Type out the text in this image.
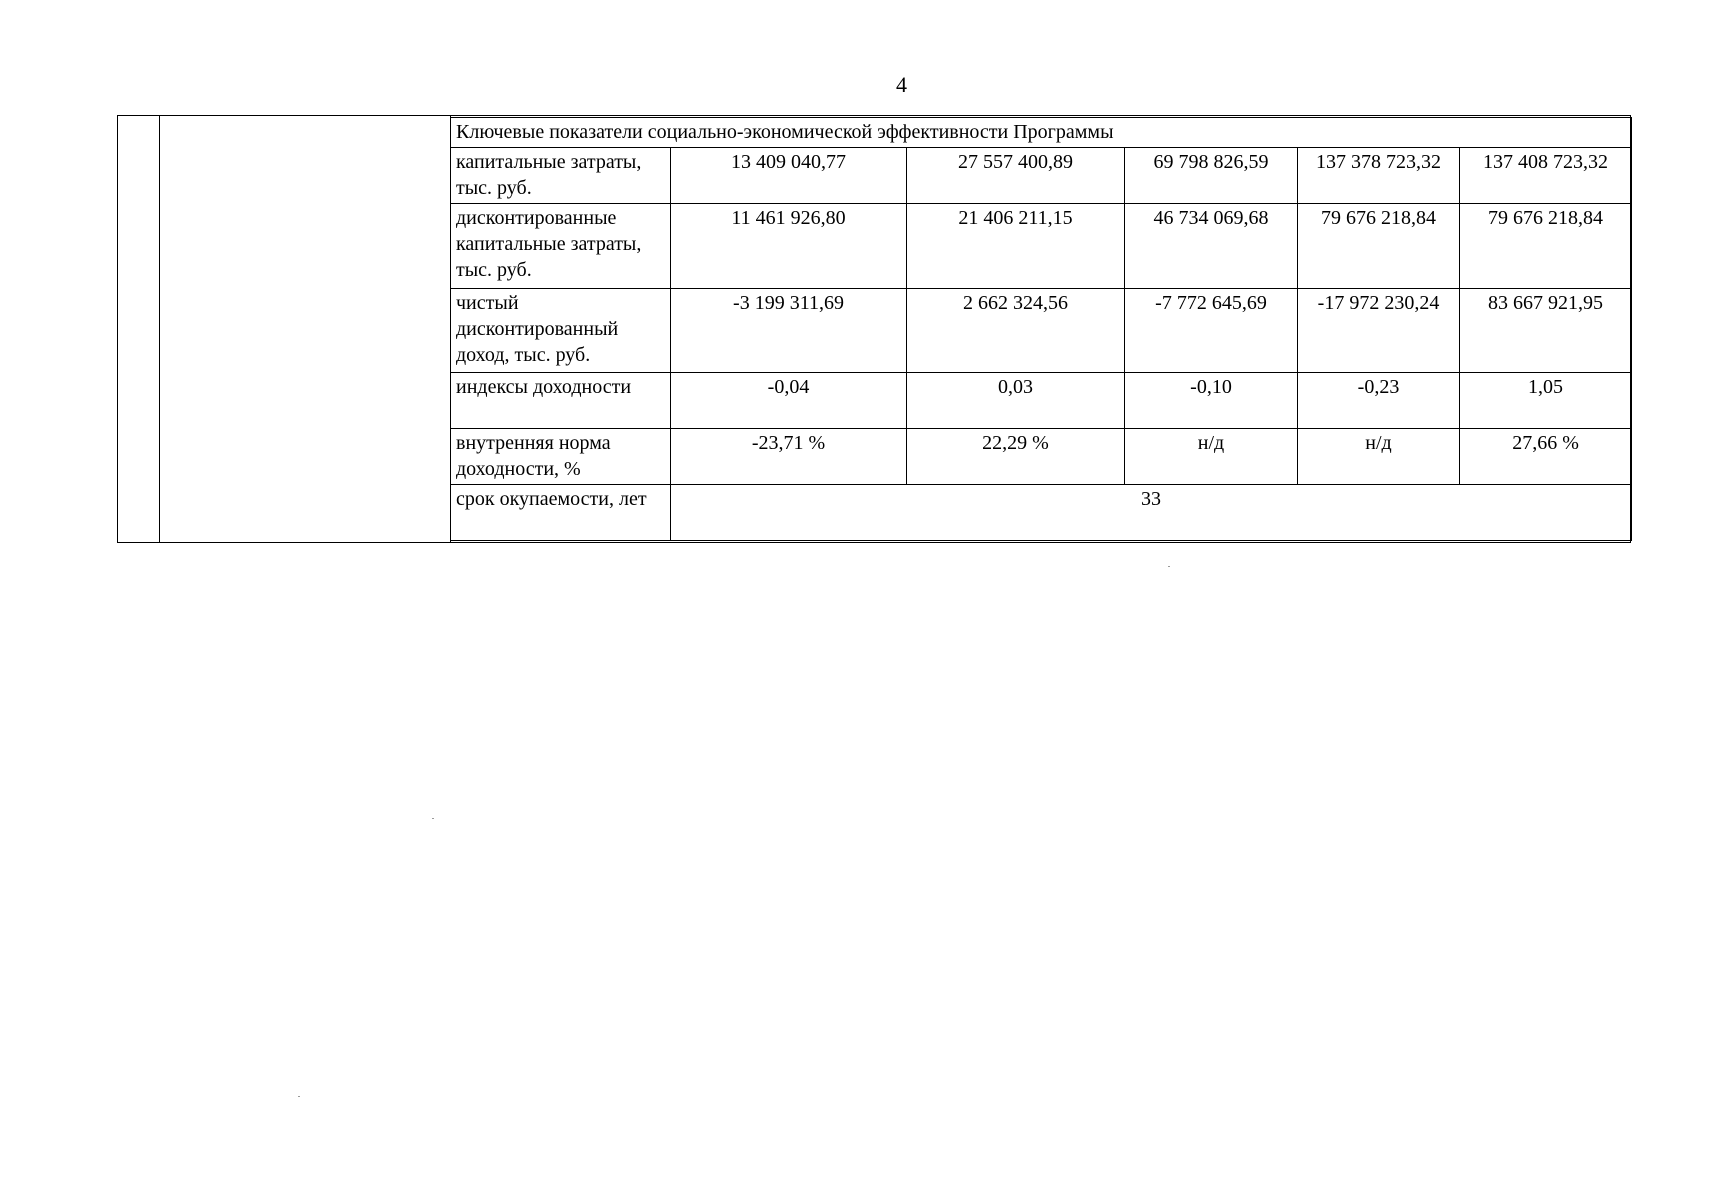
4
Ключевые показатели социально-экономической эффективности Программы					
капитальные затраты, тыс. руб.	13 409 040,77	27 557 400,89	69 798 826,59	137 378 723,32	137 408 723,32
дисконтированные капитальные затраты, тыс. руб.	11 461 926,80	21 406 211,15	46 734 069,68	79 676 218,84	79 676 218,84
чистый дисконтированный доход, тыс. руб.	-3 199 311,69	2 662 324,56	-7 772 645,69	-17 972 230,24	83 667 921,95
индексы доходности	-0,04	0,03	-0,10	-0,23	1,05
внутренняя норма доходности, %	-23,71 %	22,29 %	н/д	н/д	27,66 %
срок окупаемости, лет	33				
